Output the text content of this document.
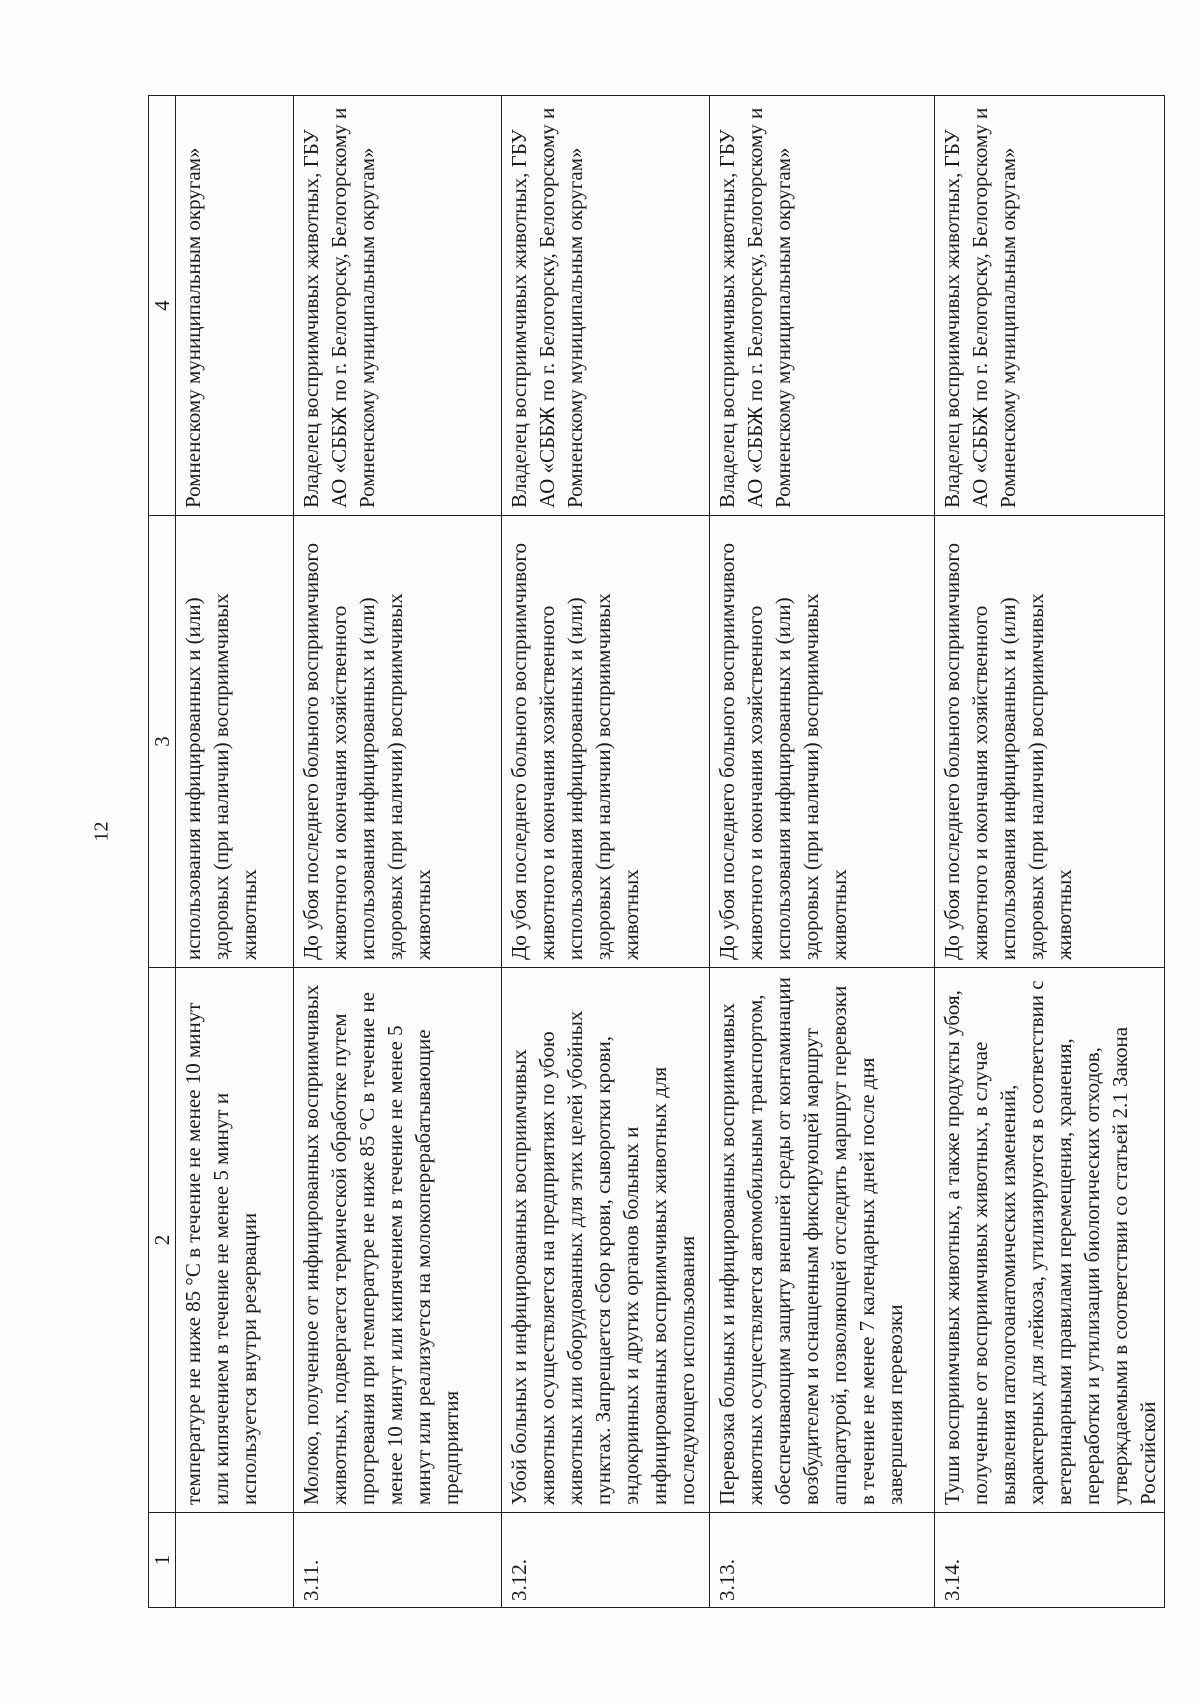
12
1	2	3	4
	температуре не ниже 85 °С в течение не менее 10 минут или кипячением в течение не менее 5 минут и используется внутри резервации	использования инфицированных и (или) здоровых (при наличии) восприимчивых животных	Ромненскому муниципальным округам»
3.11.	Молоко, полученное от инфицированных восприимчивых животных, подвергается термической обработке путем прогревания при температуре не ниже 85 °С в течение не менее 10 минут или кипячением в течение не менее 5 минут или реализуется на молокоперерабатывающие предприятия	До убоя последнего больного восприимчивого животного и окончания хозяйственного использования инфицированных и (или) здоровых (при наличии) восприимчивых животных	Владелец восприимчивых животных, ГБУ АО «СББЖ по г. Белогорску, Белогорскому и Ромненскому муниципальным округам»
3.12.	Убой больных и инфицированных восприимчивых животных осуществляется на предприятиях по убою животных или оборудованных для этих целей убойных пунктах. Запрещается сбор крови, сыворотки крови, эндокринных и других органов больных и инфицированных восприимчивых животных для последующего использования	До убоя последнего больного восприимчивого животного и окончания хозяйственного использования инфицированных и (или) здоровых (при наличии) восприимчивых животных	Владелец восприимчивых животных, ГБУ АО «СББЖ по г. Белогорску, Белогорскому и Ромненскому муниципальным округам»
3.13.	Перевозка больных и инфицированных восприимчивых животных осуществляется автомобильным транспортом, обеспечивающим защиту внешней среды от контаминации возбудителем и оснащенным фиксирующей маршрут аппаратурой, позволяющей отследить маршрут перевозки в течение не менее 7 календарных дней после дня завершения перевозки	До убоя последнего больного восприимчивого животного и окончания хозяйственного использования инфицированных и (или) здоровых (при наличии) восприимчивых животных	Владелец восприимчивых животных, ГБУ АО «СББЖ по г. Белогорску, Белогорскому и Ромненскому муниципальным округам»
3.14.	Туши восприимчивых животных, а также продукты убоя, полученные от восприимчивых животных, в случае выявления патологоанатомических изменений, характерных для лейкоза, утилизируются в соответствии с ветеринарными правилами перемещения, хранения, переработки и утилизации биологических отходов, утверждаемыми в соответствии со статьей 2.1 Закона Российской	До убоя последнего больного восприимчивого животного и окончания хозяйственного использования инфицированных и (или) здоровых (при наличии) восприимчивых животных	Владелец восприимчивых животных, ГБУ АО «СББЖ по г. Белогорску, Белогорскому и Ромненскому муниципальным округам»
